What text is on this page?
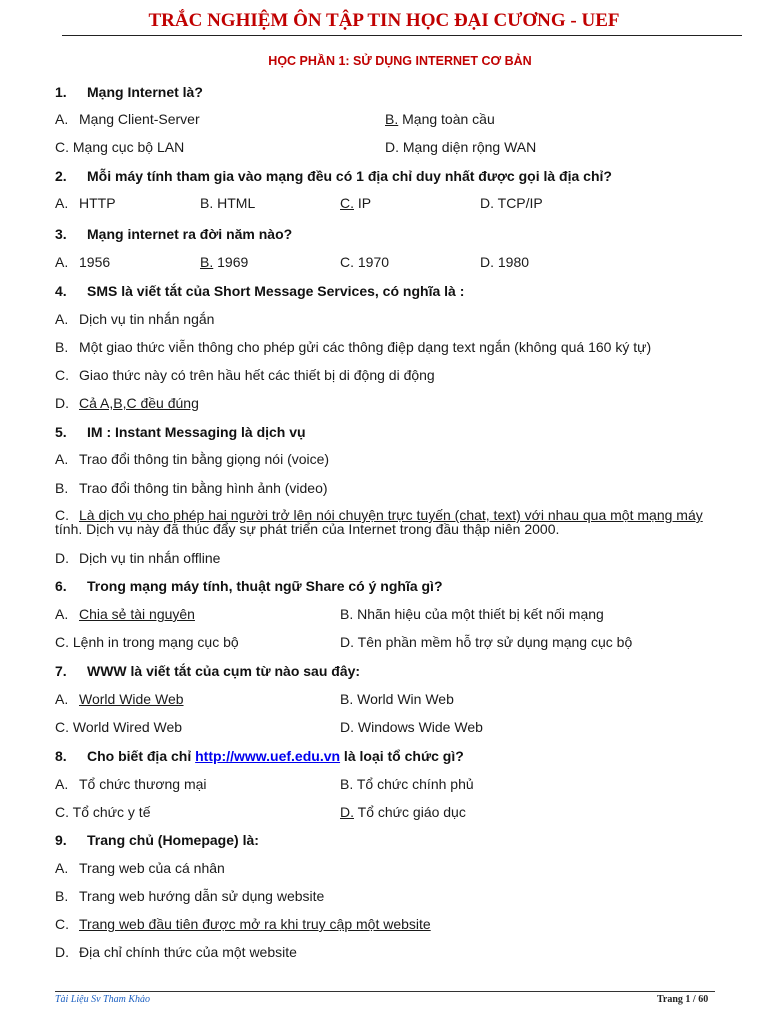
TRẮC NGHIỆM ÔN TẬP TIN HỌC ĐẠI CƯƠNG - UEF
HỌC PHẦN 1: SỬ DỤNG INTERNET CƠ BẢN
1. Mạng Internet là?
A. Mạng Client-Server	B. Mạng toàn cầu
C. Mạng cục bộ LAN	D. Mạng diện rộng WAN
2. Mỗi máy tính tham gia vào mạng đều có 1 địa chỉ duy nhất được gọi là địa chỉ?
A. HTTP	B. HTML	C. IP	D. TCP/IP
3. Mạng internet ra đời năm nào?
A. 1956	B. 1969	C. 1970	D. 1980
4. SMS là viết tắt của Short Message Services, có nghĩa là :
A. Dịch vụ tin nhắn ngắn
B. Một giao thức viễn thông cho phép gửi các thông điệp dạng text ngắn (không quá 160 ký tự)
C. Giao thức này có trên hầu hết các thiết bị di động di động
D. Cả A,B,C đều đúng
5. IM : Instant Messaging là dịch vụ
A. Trao đổi thông tin bằng giọng nói (voice)
B. Trao đổi thông tin bằng hình ảnh (video)
C. Là dịch vụ cho phép hai người trở lên nói chuyện trực tuyến (chat, text) với nhau qua một mạng máy
tính. Dịch vụ này đã thúc đẩy sự phát triển của Internet trong đầu thập niên 2000.
D. Dịch vụ tin nhắn offline
6. Trong mạng máy tính, thuật ngữ Share có ý nghĩa gì?
A. Chia sẻ tài nguyên	B. Nhãn hiệu của một thiết bị kết nối mạng
C. Lệnh in trong mạng cục bộ	D. Tên phần mềm hỗ trợ sử dụng mạng cục bộ
7. WWW là viết tắt của cụm từ nào sau đây:
A. World Wide Web	B. World Win Web
C. World Wired Web	D. Windows Wide Web
8. Cho biết địa chỉ http://www.uef.edu.vn là loại tổ chức gì?
A. Tổ chức thương mại	B. Tổ chức chính phủ
C. Tổ chức y tế	D. Tổ chức giáo dục
9. Trang chủ (Homepage) là:
A. Trang web của cá nhân
B. Trang web hướng dẫn sử dụng website
C. Trang web đầu tiên được mở ra khi truy cập một website
D. Địa chỉ chính thức của một website
Tài Liệu Sv Tham Khảo	Trang 1 / 60
